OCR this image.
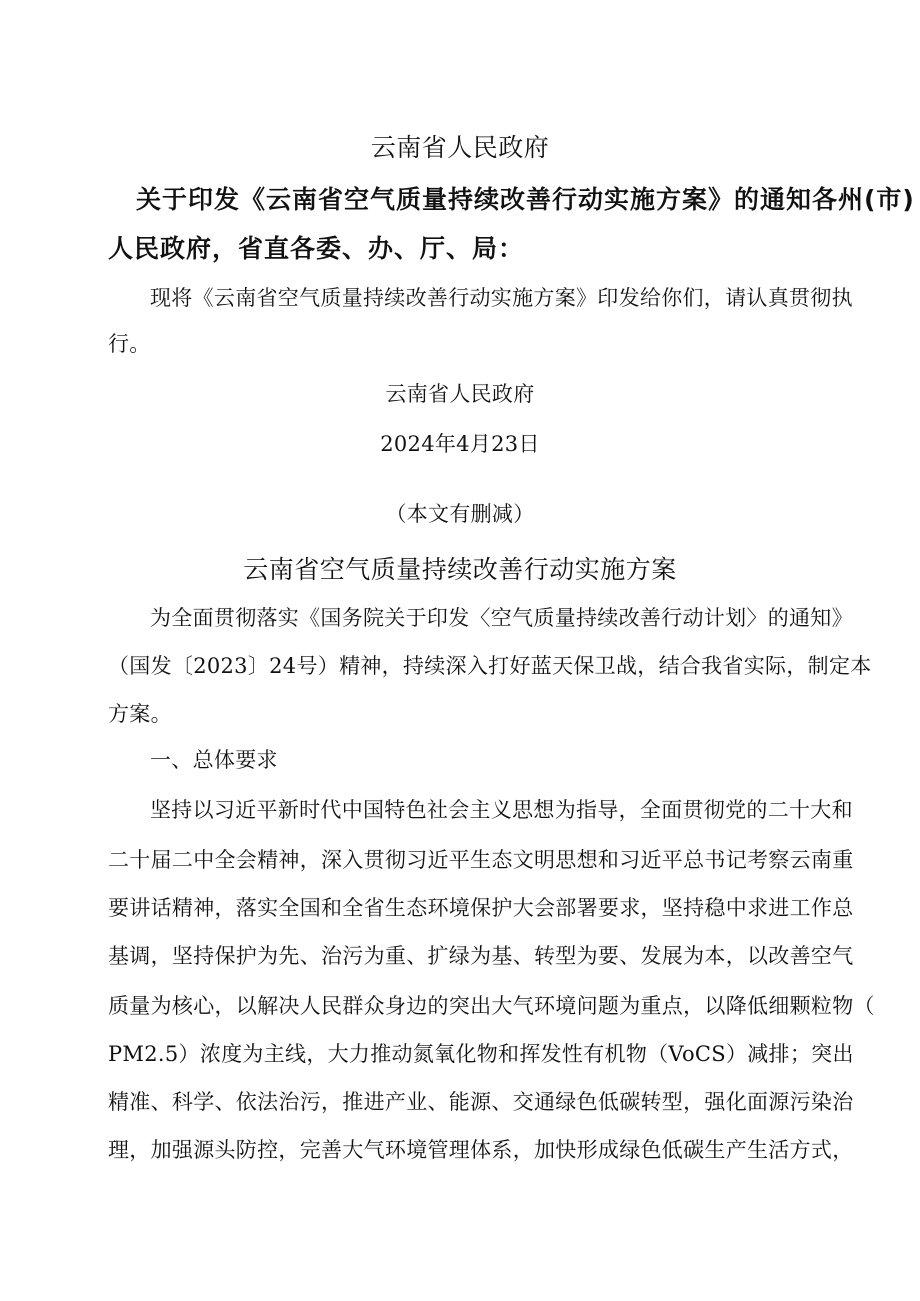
云南省人民政府
关于印发《云南省空气质量持续改善行动实施方案》的通知各州(市)
人民政府，省直各委、办、厅、局：
现将《云南省空气质量持续改善行动实施方案》印发给你们，请认真贯彻执
行。
云南省人民政府
2024年4月23日
（本文有删减）
云南省空气质量持续改善行动实施方案
为全面贯彻落实《国务院关于印发〈空气质量持续改善行动计划〉的通知》
（国发〔2023〕24号）精神，持续深入打好蓝天保卫战，结合我省实际，制定本
方案。
一、总体要求
坚持以习近平新时代中国特色社会主义思想为指导，全面贯彻党的二十大和
二十届二中全会精神，深入贯彻习近平生态文明思想和习近平总书记考察云南重
要讲话精神，落实全国和全省生态环境保护大会部署要求，坚持稳中求进工作总
基调，坚持保护为先、治污为重、扩绿为基、转型为要、发展为本，以改善空气
质量为核心，以解决人民群众身边的突出大气环境问题为重点，以降低细颗粒物（
PM2.5）浓度为主线，大力推动氮氧化物和挥发性有机物（VoCS）减排；突出
精准、科学、依法治污，推进产业、能源、交通绿色低碳转型，强化面源污染治
理，加强源头防控，完善大气环境管理体系，加快形成绿色低碳生产生活方式，
